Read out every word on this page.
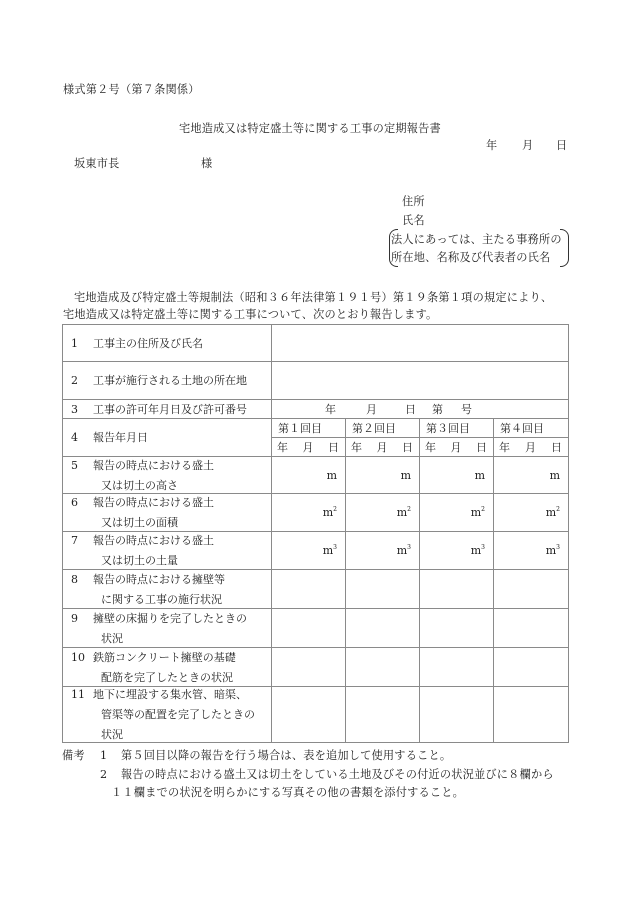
様式第２号（第７条関係）
宅地造成又は特定盛土等に関する工事の定期報告書
年 月 日
坂東市長	様
住所
氏名
法人にあっては、主たる事務所の
所在地、名称及び代表者の氏名
宅地造成及び特定盛土等規制法（昭和３６年法律第１９１号）第１９条第１項の規定により、
宅地造成又は特定盛土等に関する工事について、次のとおり報告します。
1 工事主の住所及び氏名				
2 工事が施行される土地の所在地				
3 工事の許可年月日及び許可番号	年 月 日 第 号			

4 報告年月日	第１回目	第２回目	第３回目	第４回目

	年 月 日	年 月 日	年 月 日	年 月 日

5 報告の時点における盛土
又は切土の高さ	m	m	m	m

6 報告の時点における盛土
又は切土の面積	$m^2$	$m^2$	$m^2$	$m^2$

7 報告の時点における盛土
又は切土の土量	$m^3$	$m^3$	$m^3$	$m^3$

8 報告の時点における擁壁等
に関する工事の施行状況				

9 擁壁の床掘りを完了したときの
状況				

10 鉄筋コンクリート擁壁の基礎
配筋を完了したときの状況				

11 地下に埋設する集水管、暗渠、
管渠等の配置を完了したときの
状況				

備考 1 第５回目以降の報告を行う場合は、表を追加して使用すること。
2 報告の時点における盛土又は切土をしている土地及びその付近の状況並びに８欄から
１１欄までの状況を明らかにする写真その他の書類を添付すること。
